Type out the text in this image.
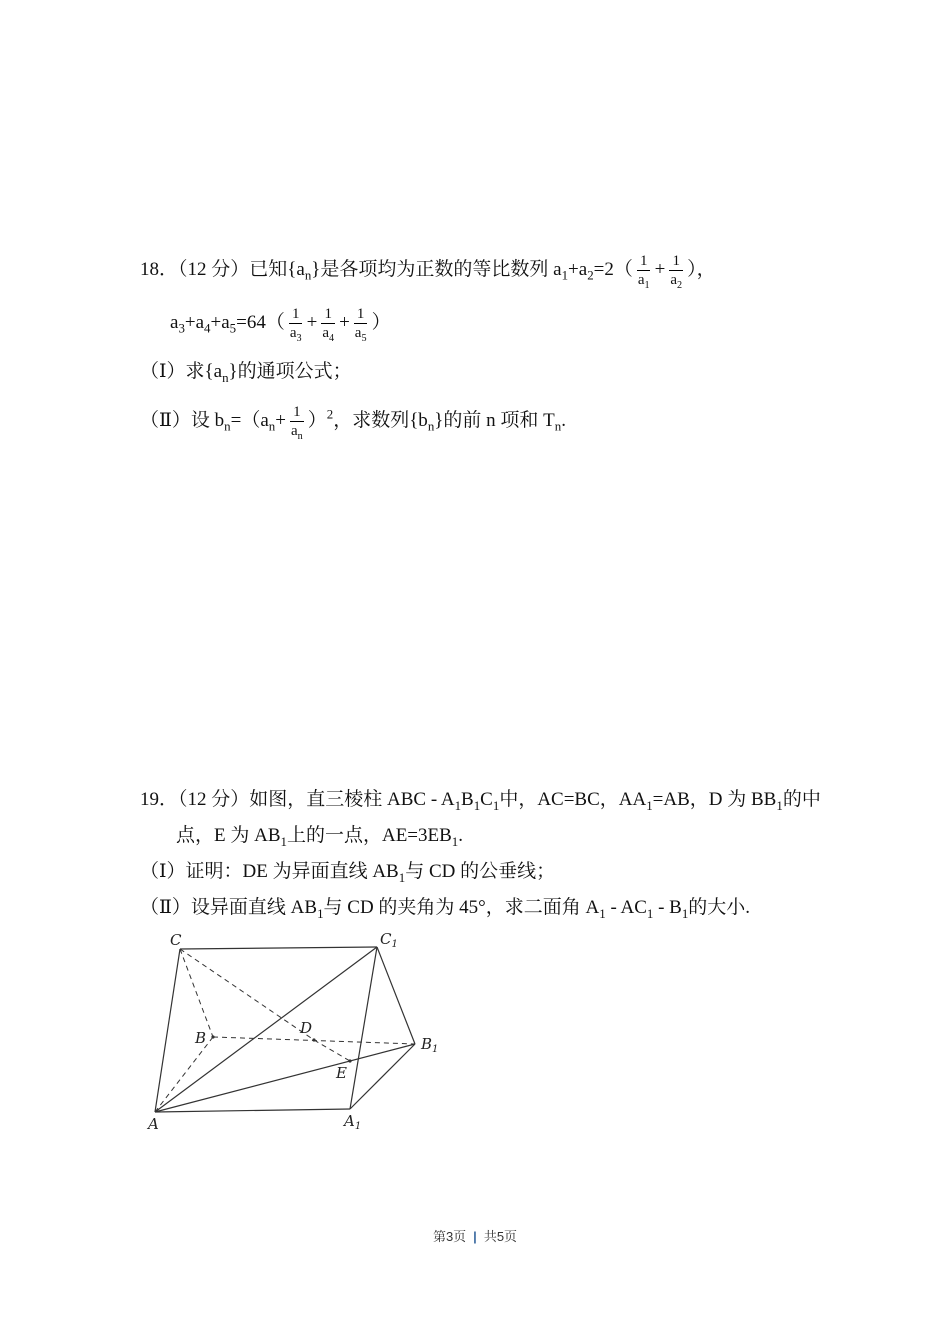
18．（12 分）已知$\{a_n\}$是各项均为正数的等比数列 $a_1+a_2=2( \frac{1}{a_1} + \frac{1}{a_2}$ ），
$a_3+a_4+a_5=64( \frac{1}{a_3} + \frac{1}{a_4} + \frac{1}{a_5}$ ）
（Ⅰ）求$\{a_n\}$的通项公式；
（Ⅱ）设 $b_n=(a_n+ \frac{1}{a_n} )^2$，求数列$\{b_n\}$的前 n 项和 $T_n$.
19．（12 分）如图，直三棱柱 ABC - $A_1B_1C_1$中，AC=BC，$AA_1=AB$，D 为 $BB_1$的中
点，E 为 $AB_1$上的一点，$AE=3EB_1$.
（Ⅰ）证明：DE 为异面直线 $AB_1$与 CD 的公垂线；
（Ⅱ）设异面直线 $AB_1$与 CD 的夹角为 45°，求二面角 $A_1 - AC_1 - B_1$的大小.
C	$C_1$
B	$B_1$
D
E
A	$A_1$
第3页 | 共5页
